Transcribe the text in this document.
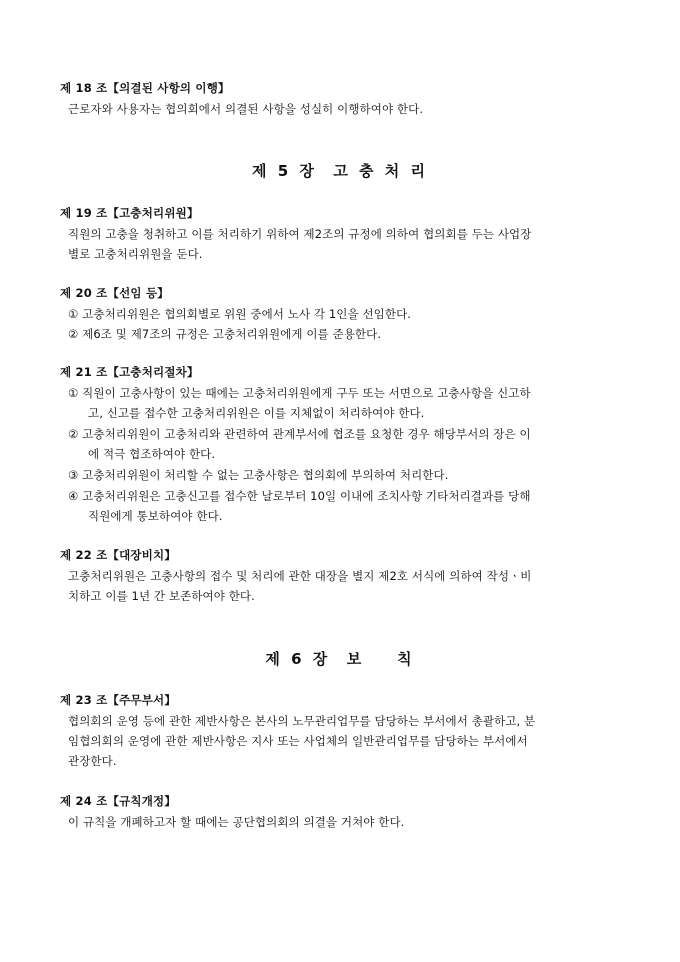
제 18 조【의결된 사항의 이행】
근로자와 사용자는 협의회에서 의결된 사항을 성실히 이행하여야 한다.
제 5 장  고 충 처 리
제 19 조【고충처리위원】
직원의 고충을 청취하고 이를 처리하기 위하여 제2조의 규정에 의하여 협의회를 두는 사업장
별로 고충처리위원을 둔다.
제 20 조【선임 등】
① 고충처리위원은 협의회별로 위원 중에서 노사 각 1인을 선임한다.
② 제6조 및 제7조의 규정은 고충처리위원에게 이를 준용한다.
제 21 조【고충처리절차】
① 직원이 고충사항이 있는 때에는 고충처리위원에게 구두 또는 서면으로 고충사항을 신고하
고, 신고를 접수한 고충처리위원은 이를 지체없이 처리하여야 한다.
② 고충처리위원이 고충처리와 관련하여 관계부서에 협조를 요청한 경우 해당부서의 장은 이
에 적극 협조하여야 한다.
③ 고충처리위원이 처리할 수 없는 고충사항은 협의회에 부의하여 처리한다.
④ 고충처리위원은 고충신고를 접수한 날로부터 10일 이내에 조치사항 기타처리결과를 당해
직원에게 통보하여야 한다.
제 22 조【대장비치】
고충처리위원은 고충사항의 접수 및 처리에 관한 대장을 별지 제2호 서식에 의하여 작성ㆍ비
치하고 이를 1년 간 보존하여야 한다.
제 6 장  보    칙
제 23 조【주무부서】
협의회의 운영 등에 관한 제반사항은 본사의 노무관리업무를 담당하는 부서에서 총괄하고, 분
임협의회의 운영에 관한 제반사항은 지사 또는 사업체의 일반관리업무를 담당하는 부서에서
관장한다.
제 24 조【규칙개정】
이 규칙을 개폐하고자 할 때에는 공단협의회의 의결을 거쳐야 한다.
